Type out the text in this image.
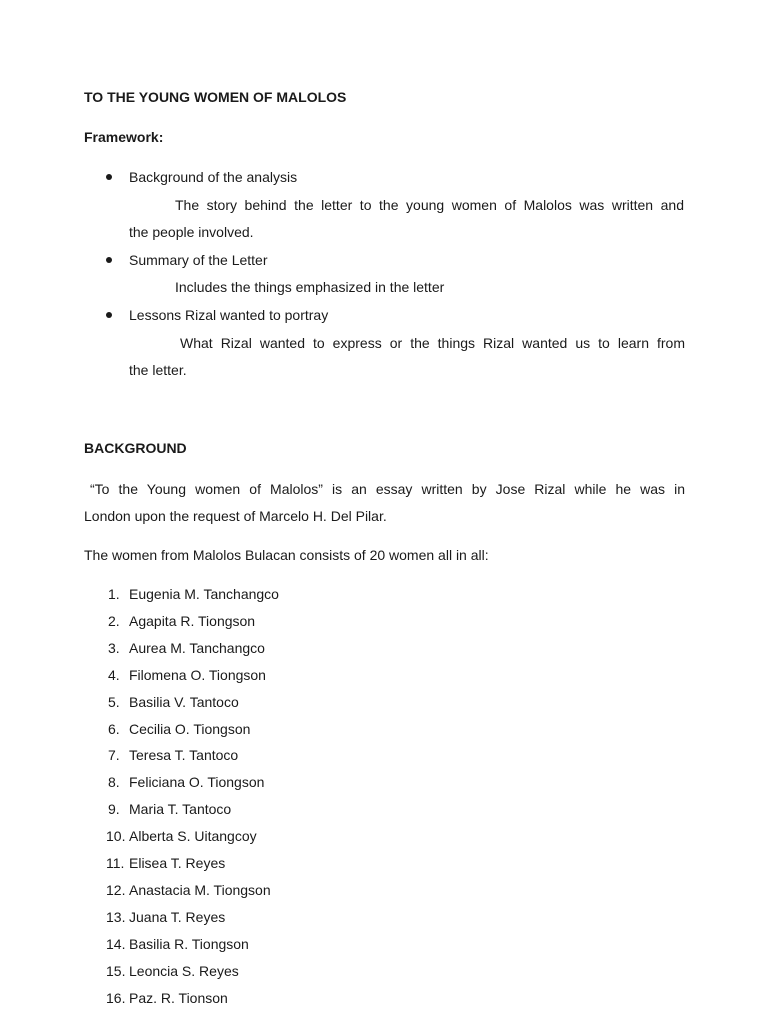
TO THE YOUNG WOMEN OF MALOLOS
Framework:
Background of the analysis
The story behind the letter to the young women of Malolos was written and
the people involved.
Summary of the Letter
Includes the things emphasized in the letter
Lessons Rizal wanted to portray
What Rizal wanted to express or the things Rizal wanted us to learn from
the letter.
BACKGROUND
“To the Young women of Malolos” is an essay written by Jose Rizal while he was in
London upon the request of Marcelo H. Del Pilar.
The women from Malolos Bulacan consists of 20 women all in all:
1. Eugenia M. Tanchangco
2. Agapita R. Tiongson
3. Aurea M. Tanchangco
4. Filomena O. Tiongson
5. Basilia V. Tantoco
6. Cecilia O. Tiongson
7. Teresa T. Tantoco
8. Feliciana O. Tiongson
9. Maria T. Tantoco
10. Alberta S. Uitangcoy
11. Elisea T. Reyes
12. Anastacia M. Tiongson
13. Juana T. Reyes
14. Basilia R. Tiongson
15. Leoncia S. Reyes
16. Paz. R. Tionson
